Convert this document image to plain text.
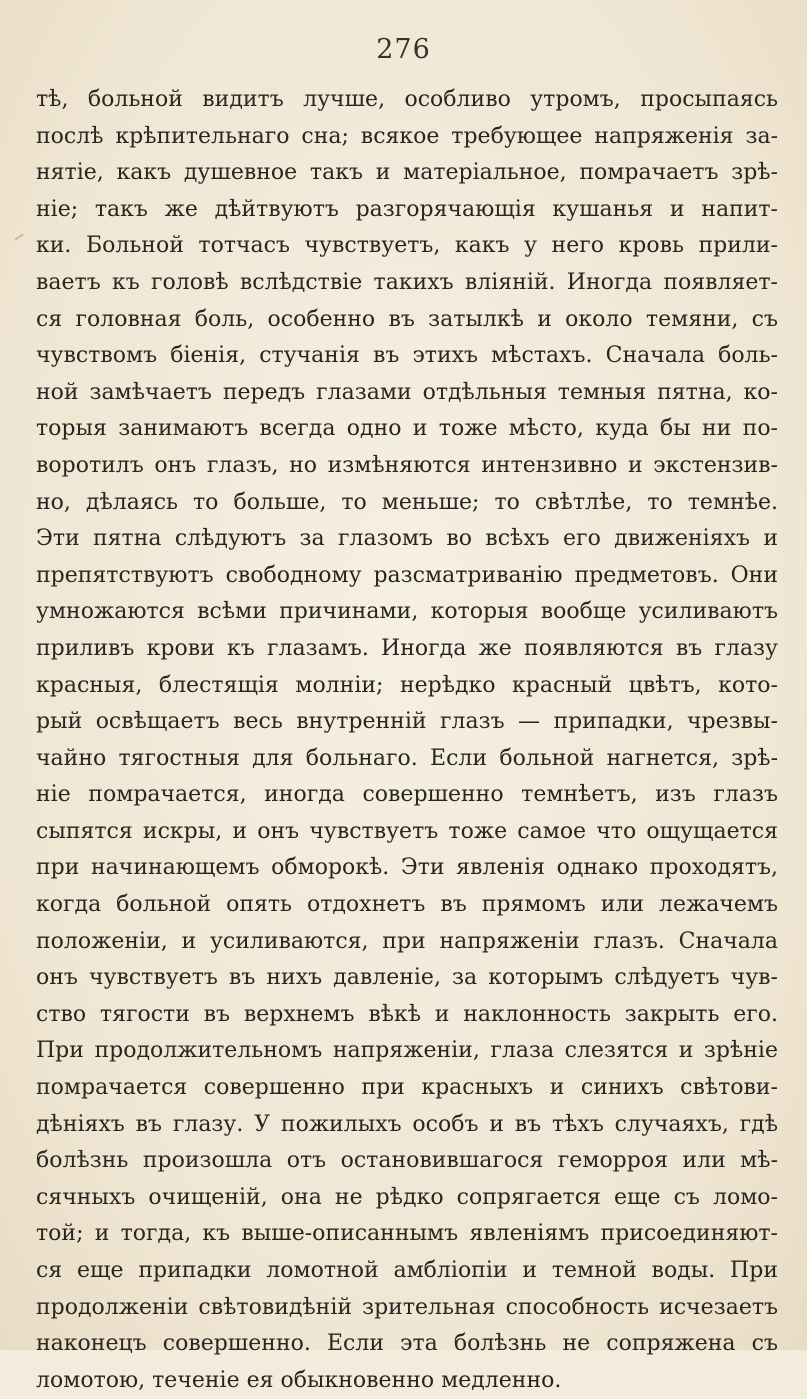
276
тѣ, больной видитъ лучше, особливо утромъ, просыпаясь
послѣ крѣпительнаго сна; всякое требующее напряженія за-
нятіе, какъ душевное такъ и матеріальное, помрачаетъ зрѣ-
ніе; такъ же дѣйтвуютъ разгорячающія кушанья и напит-
ки. Больной тотчасъ чувствуетъ, какъ у него кровь прили-
ваетъ къ головѣ вслѣдствіе такихъ вліяній. Иногда появляет-
ся головная боль, особенно въ затылкѣ и около темяни, съ
чувствомъ біенія, стучанія въ этихъ мѣстахъ. Сначала боль-
ной замѣчаетъ передъ глазами отдѣльныя темныя пятна, ко-
торыя занимаютъ всегда одно и тоже мѣсто, куда бы ни по-
воротилъ онъ глазъ, но измѣняются интензивно и экстензив-
но, дѣлаясь то больше, то меньше; то свѣтлѣе, то темнѣе.
Эти пятна слѣдуютъ за глазомъ во всѣхъ его движеніяхъ и
препятствуютъ свободному разсматриванію предметовъ. Они
умножаются всѣми причинами, которыя вообще усиливаютъ
приливъ крови къ глазамъ. Иногда же появляются въ глазу
красныя, блестящія молніи; нерѣдко красный цвѣтъ, кото-
рый освѣщаетъ весь внутренній глазъ — припадки, чрезвы-
чайно тягостныя для больнаго. Если больной нагнется, зрѣ-
ніе помрачается, иногда совершенно темнѣетъ, изъ глазъ
сыпятся искры, и онъ чувствуетъ тоже самое что ощущается
при начинающемъ обморокѣ. Эти явленія однако проходятъ,
когда больной опять отдохнетъ въ прямомъ или лежачемъ
положеніи, и усиливаются, при напряженіи глазъ. Сначала
онъ чувствуетъ въ нихъ давленіе, за которымъ слѣдуетъ чув-
ство тягости въ верхнемъ вѣкѣ и наклонность закрыть его.
При продолжительномъ напряженіи, глаза слезятся и зрѣніе
помрачается совершенно при красныхъ и синихъ свѣтови-
дѣніяхъ въ глазу. У пожилыхъ особъ и въ тѣхъ случаяхъ, гдѣ
болѣзнь произошла отъ остановившагося геморроя или мѣ-
сячныхъ очищеній, она не рѣдко сопрягается еще съ ломо-
той; и тогда, къ выше-описаннымъ явленіямъ присоединяют-
ся еще припадки ломотной амбліопіи и темной воды. При
продолженіи свѣтовидѣній зрительная способность исчезаетъ
наконецъ совершенно. Если эта болѣзнь не сопряжена съ
ломотою, теченіе ея обыкновенно медленно.
